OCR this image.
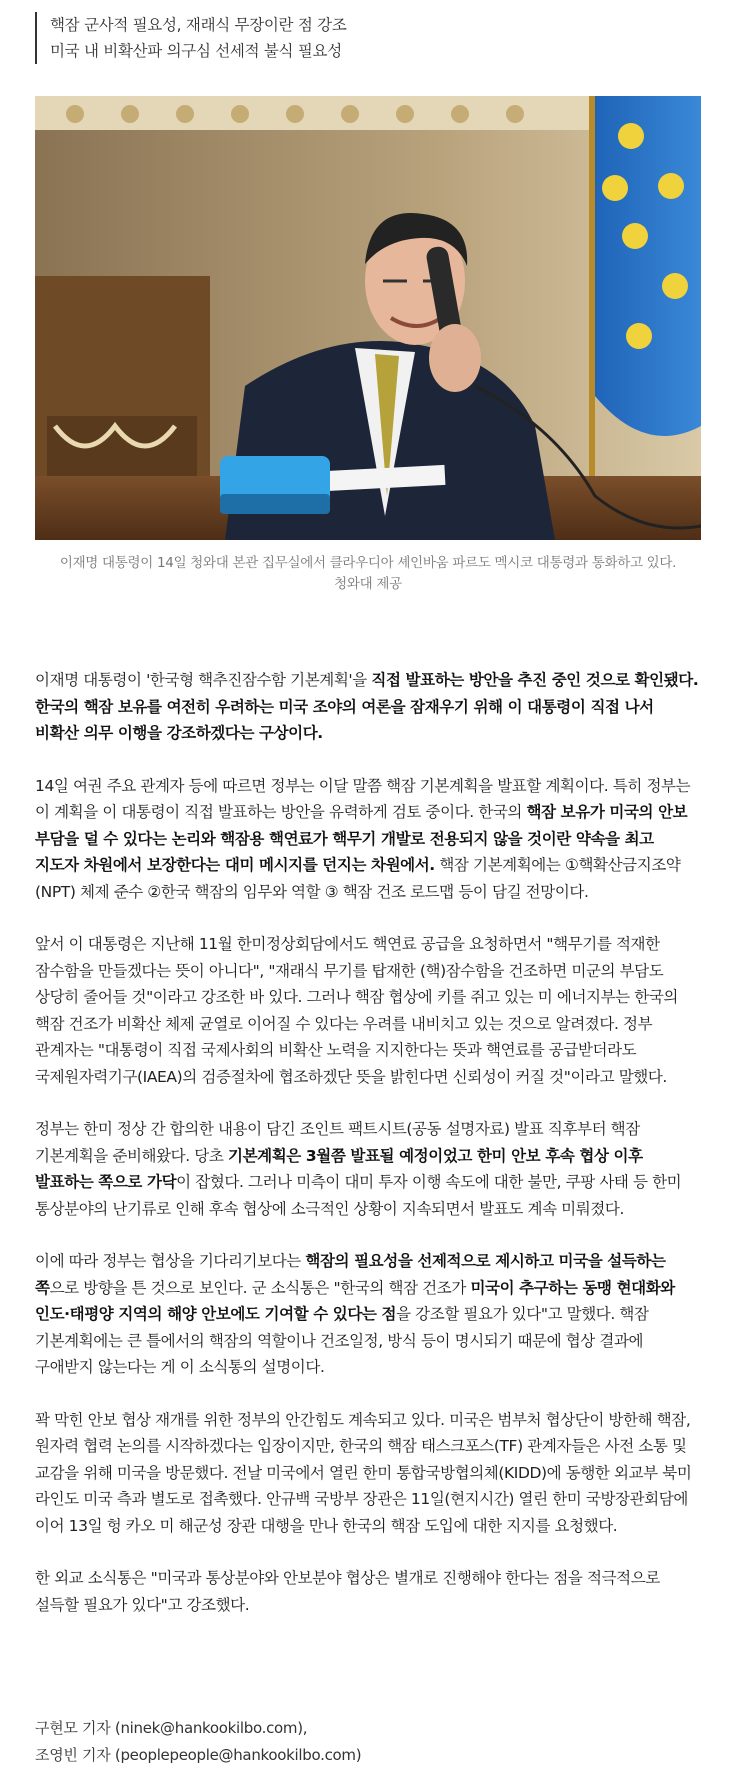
핵잠 군사적 필요성, 재래식 무장이란 점 강조

미국 내 비확산파 의구심 선세적 불식 필요성

이재명 대통령이 14일 청와대 본관 집무실에서 클라우디아 셰인바움 파르도 멕시코 대통령과 통화하고 있다.

청와대 제공

이재명 대통령이 '한국형 핵추진잠수함 기본계획'을 직접 발표하는 방안을 추진 중인 것으로 확인됐다. 한국의 핵잠 보유를 여전히 우려하는 미국 조야의 여론을 잠재우기 위해 이 대통령이 직접 나서 비확산 의무 이행을 강조하겠다는 구상이다.

14일 여권 주요 관계자 등에 따르면 정부는 이달 말쯤 핵잠 기본계획을 발표할 계획이다. 특히 정부는 이 계획을 이 대통령이 직접 발표하는 방안을 유력하게 검토 중이다. 한국의 핵잠 보유가 미국의 안보 부담을 덜 수 있다는 논리와 핵잠용 핵연료가 핵무기 개발로 전용되지 않을 것이란 약속을 최고 지도자 차원에서 보장한다는 대미 메시지를 던지는 차원에서. 핵잠 기본계획에는 ①핵확산금지조약(NPT) 체제 준수 ②한국 핵잠의 임무와 역할 ③ 핵잠 건조 로드맵 등이 담길 전망이다.

앞서 이 대통령은 지난해 11월 한미정상회담에서도 핵연료 공급을 요청하면서 "핵무기를 적재한 잠수함을 만들겠다는 뜻이 아니다", "재래식 무기를 탑재한 (핵)잠수함을 건조하면 미군의 부담도 상당히 줄어들 것"이라고 강조한 바 있다. 그러나 핵잠 협상에 키를 쥐고 있는 미 에너지부는 한국의 핵잠 건조가 비확산 체제 균열로 이어질 수 있다는 우려를 내비치고 있는 것으로 알려졌다. 정부 관계자는 "대통령이 직접 국제사회의 비확산 노력을 지지한다는 뜻과 핵연료를 공급받더라도 국제원자력기구(IAEA)의 검증절차에 협조하겠단 뜻을 밝힌다면 신뢰성이 커질 것"이라고 말했다.

정부는 한미 정상 간 합의한 내용이 담긴 조인트 팩트시트(공동 설명자료) 발표 직후부터 핵잠 기본계획을 준비해왔다. 당초 기본계획은 3월쯤 발표될 예정이었고 한미 안보 후속 협상 이후 발표하는 쪽으로 가닥이 잡혔다. 그러나 미측이 대미 투자 이행 속도에 대한 불만, 쿠팡 사태 등 한미 통상분야의 난기류로 인해 후속 협상에 소극적인 상황이 지속되면서 발표도 계속 미뤄졌다.

이에 따라 정부는 협상을 기다리기보다는 핵잠의 필요성을 선제적으로 제시하고 미국을 설득하는 쪽으로 방향을 튼 것으로 보인다. 군 소식통은 "한국의 핵잠 건조가 미국이 추구하는 동맹 현대화와 인도·태평양 지역의 해양 안보에도 기여할 수 있다는 점을 강조할 필요가 있다"고 말했다. 핵잠 기본계획에는 큰 틀에서의 핵잠의 역할이나 건조일정, 방식 등이 명시되기 때문에 협상 결과에 구애받지 않는다는 게 이 소식통의 설명이다.

꽉 막힌 안보 협상 재개를 위한 정부의 안간힘도 계속되고 있다. 미국은 범부처 협상단이 방한해 핵잠, 원자력 협력 논의를 시작하겠다는 입장이지만, 한국의 핵잠 태스크포스(TF) 관계자들은 사전 소통 및 교감을 위해 미국을 방문했다. 전날 미국에서 열린 한미 통합국방협의체(KIDD)에 동행한 외교부 북미 라인도 미국 측과 별도로 접촉했다. 안규백 국방부 장관은 11일(현지시간) 열린 한미 국방장관회담에 이어 13일 헝 카오 미 해군성 장관 대행을 만나 한국의 핵잠 도입에 대한 지지를 요청했다.

한 외교 소식통은 "미국과 통상분야와 안보분야 협상은 별개로 진행해야 한다는 점을 적극적으로 설득할 필요가 있다"고 강조했다.

구현모 기자 (ninek@hankookilbo.com),

조영빈 기자 (peoplepeople@hankookilbo.com)
